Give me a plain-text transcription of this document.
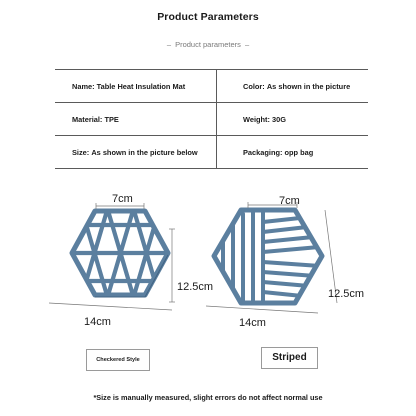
Product Parameters
– Product parameters –
Name: Table Heat Insulation Mat	Color: As shown in the picture
Material: TPE	Weight: 30G
Size: As shown in the picture below	Packaging: opp bag
7cm
12.5cm
14cm
7cm
12.5cm
14cm
Checkered Style	Striped
*Size is manually measured, slight errors do not affect normal use
